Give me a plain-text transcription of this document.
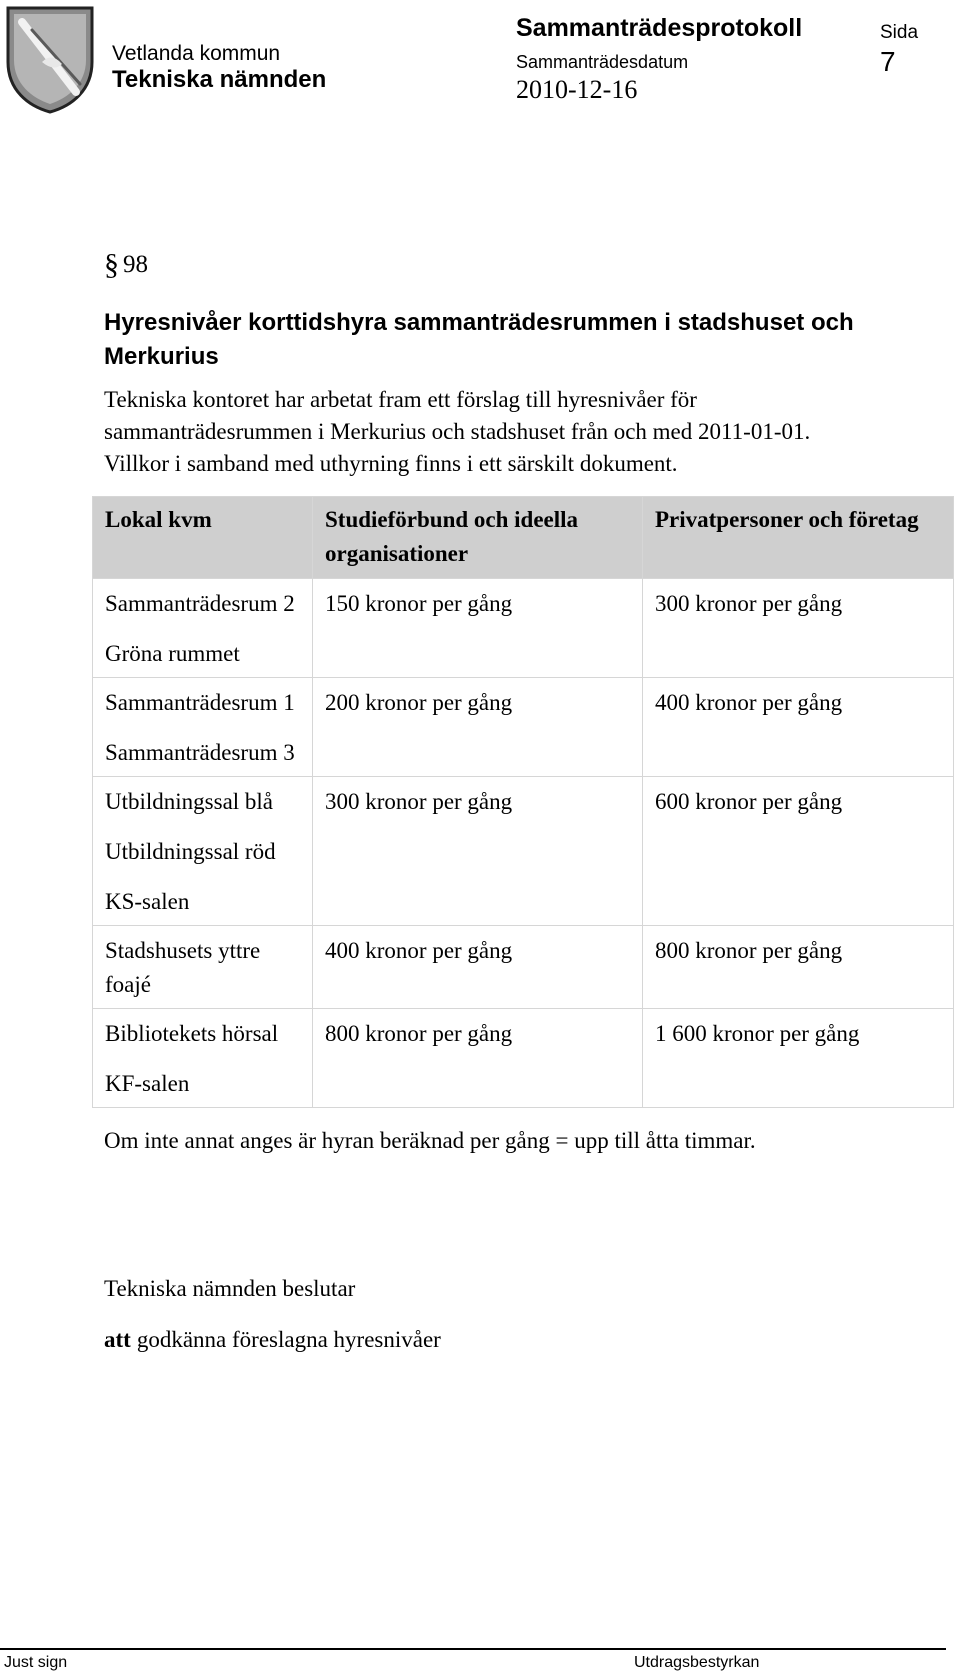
Vetlanda kommun
Tekniska nämnden
Sammanträdesprotokoll	Sida
7
Sammanträdesdatum
2010-12-16
§ 98
Hyresnivåer korttidshyra sammanträdesrummen i stadshuset och Merkurius
Tekniska kontoret har arbetat fram ett förslag till hyresnivåer för
sammanträdesrummen i Merkurius och stadshuset från och med 2011-01-01.
Villkor i samband med uthyrning finns i ett särskilt dokument.
Lokal kvm	Studieförbund och ideella organisationer	Privatpersoner och företag

Sammanträdesrum 2
Gröna rummet	150 kronor per gång	300 kronor per gång

Sammanträdesrum 1
Sammanträdesrum 3	200 kronor per gång	400 kronor per gång

Utbildningssal blå
Utbildningssal röd
KS-salen	300 kronor per gång	600 kronor per gång

Stadshusets yttre foajé	400 kronor per gång	800 kronor per gång

Bibliotekets hörsal
KF-salen	800 kronor per gång	1 600 kronor per gång
Om inte annat anges är hyran beräknad per gång = upp till åtta timmar.
Tekniska nämnden beslutar
att godkänna föreslagna hyresnivåer
Just sign	Utdragsbestyrkan
